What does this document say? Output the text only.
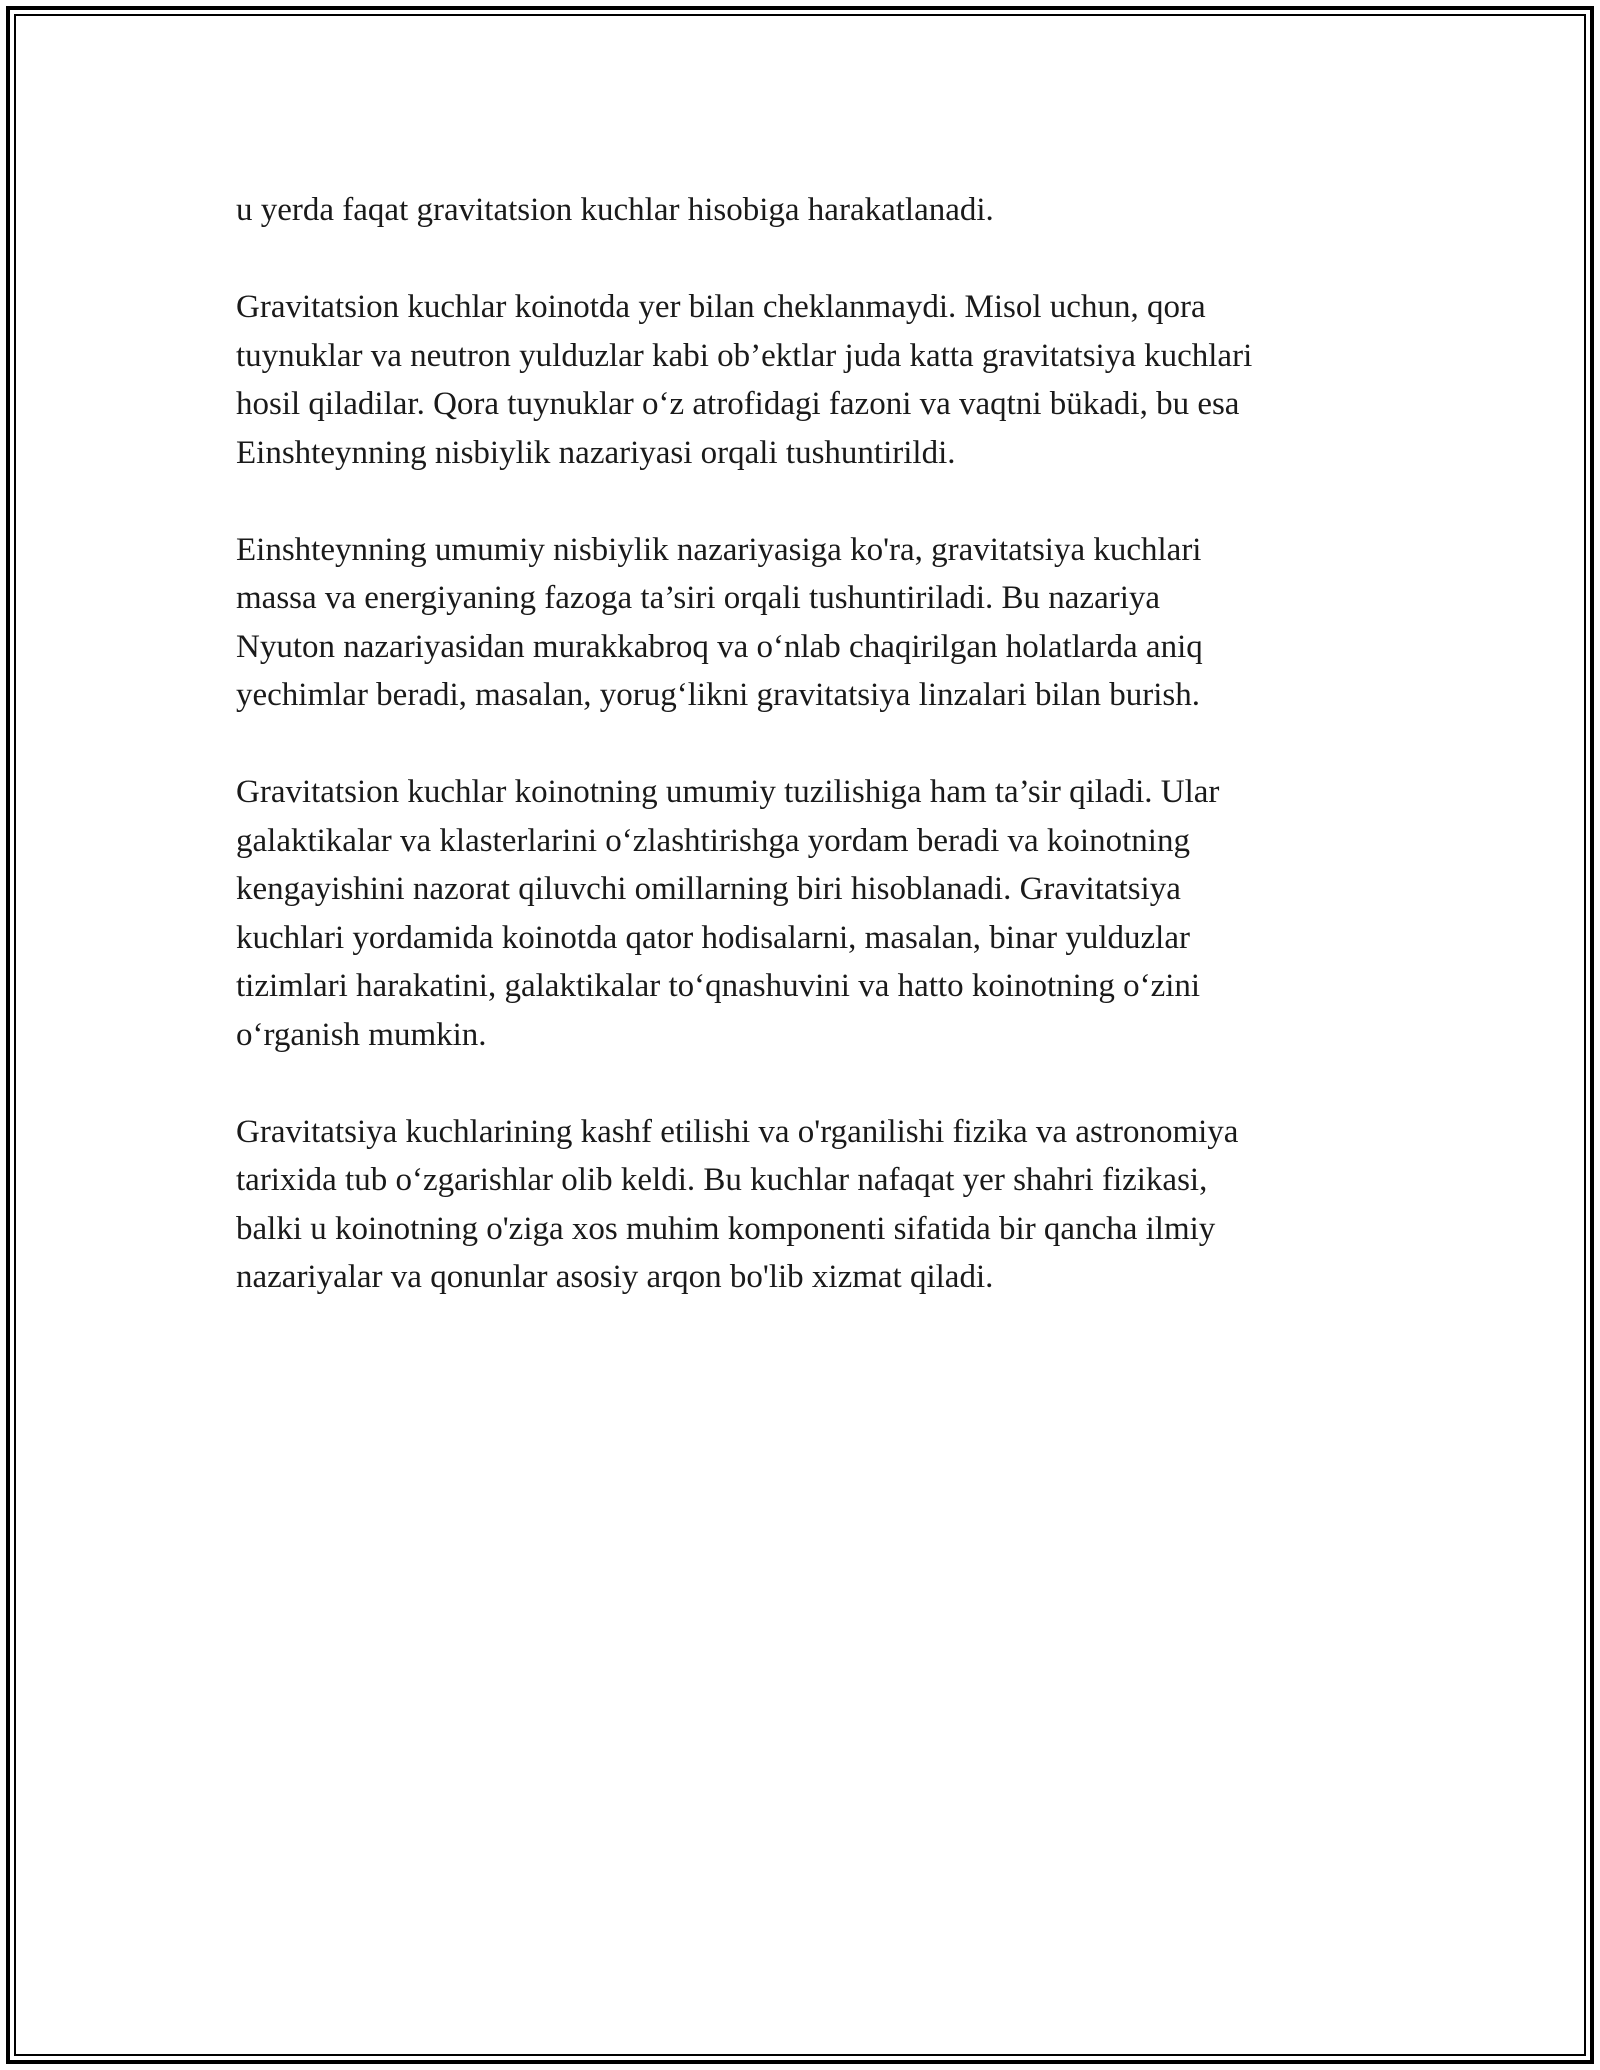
u yerda faqat gravitatsion kuchlar hisobiga harakatlanadi.

Gravitatsion kuchlar koinotda yer bilan cheklanmaydi. Misol uchun, qora
tuynuklar va neutron yulduzlar kabi ob’ektlar juda katta gravitatsiya kuchlari
hosil qiladilar. Qora tuynuklar o‘z atrofidagi fazoni va vaqtni bükadi, bu esa
Einshteynning nisbiylik nazariyasi orqali tushuntirildi.

Einshteynning umumiy nisbiylik nazariyasiga ko'ra, gravitatsiya kuchlari
massa va energiyaning fazoga ta’siri orqali tushuntiriladi. Bu nazariya
Nyuton nazariyasidan murakkabroq va o‘nlab chaqirilgan holatlarda aniq
yechimlar beradi, masalan, yorug‘likni gravitatsiya linzalari bilan burish.

Gravitatsion kuchlar koinotning umumiy tuzilishiga ham ta’sir qiladi. Ular
galaktikalar va klasterlarini o‘zlashtirishga yordam beradi va koinotning
kengayishini nazorat qiluvchi omillarning biri hisoblanadi. Gravitatsiya
kuchlari yordamida koinotda qator hodisalarni, masalan, binar yulduzlar
tizimlari harakatini, galaktikalar to‘qnashuvini va hatto koinotning o‘zini
o‘rganish mumkin.

Gravitatsiya kuchlarining kashf etilishi va o'rganilishi fizika va astronomiya
tarixida tub o‘zgarishlar olib keldi. Bu kuchlar nafaqat yer shahri fizikasi,
balki u koinotning o'ziga xos muhim komponenti sifatida bir qancha ilmiy
nazariyalar va qonunlar asosiy arqon bo'lib xizmat qiladi.
